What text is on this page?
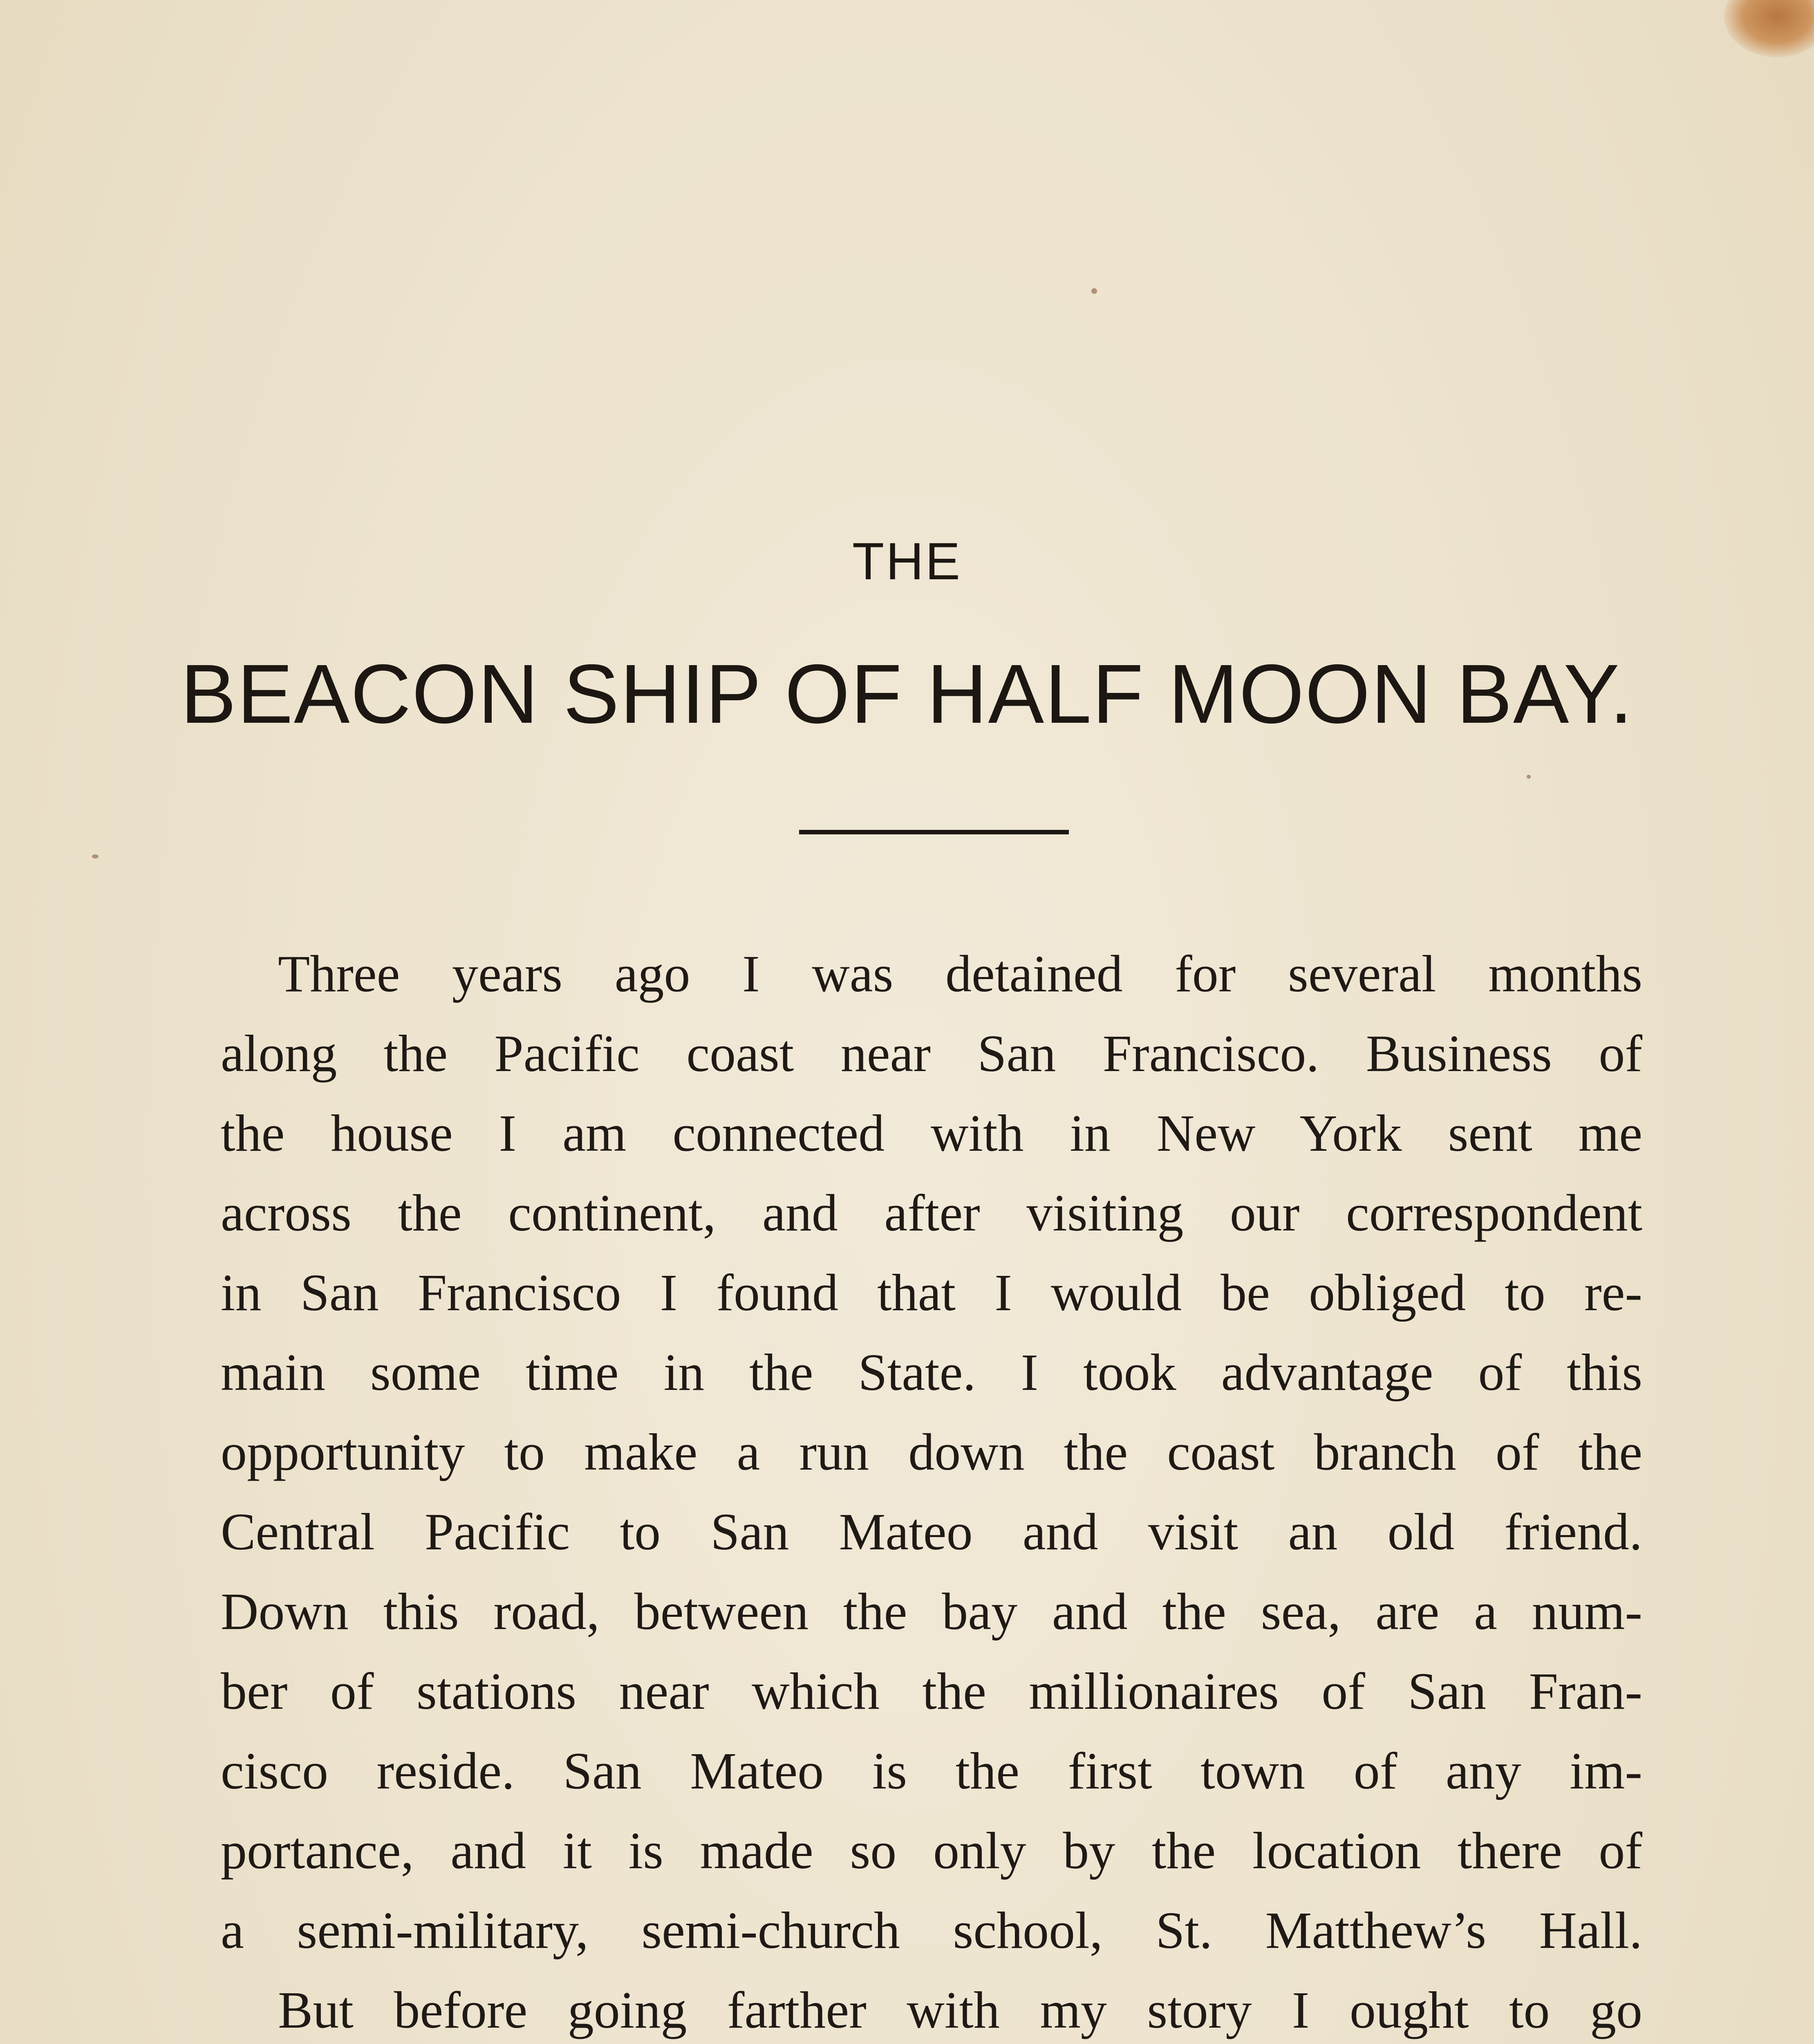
THE
BEACON SHIP OF HALF MOON BAY.
Three years ago I was detained for several months
along the Pacific coast near San Francisco. Business of
the house I am connected with in New York sent me
across the continent, and after visiting our correspondent
in San Francisco I found that I would be obliged to re-
main some time in the State. I took advantage of this
opportunity to make a run down the coast branch of the
Central Pacific to San Mateo and visit an old friend.
Down this road, between the bay and the sea, are a num-
ber of stations near which the millionaires of San Fran-
cisco reside. San Mateo is the first town of any im-
portance, and it is made so only by the location there of
a semi-military, semi-church school, St. Matthew’s Hall.
But before going farther with my story I ought to go
